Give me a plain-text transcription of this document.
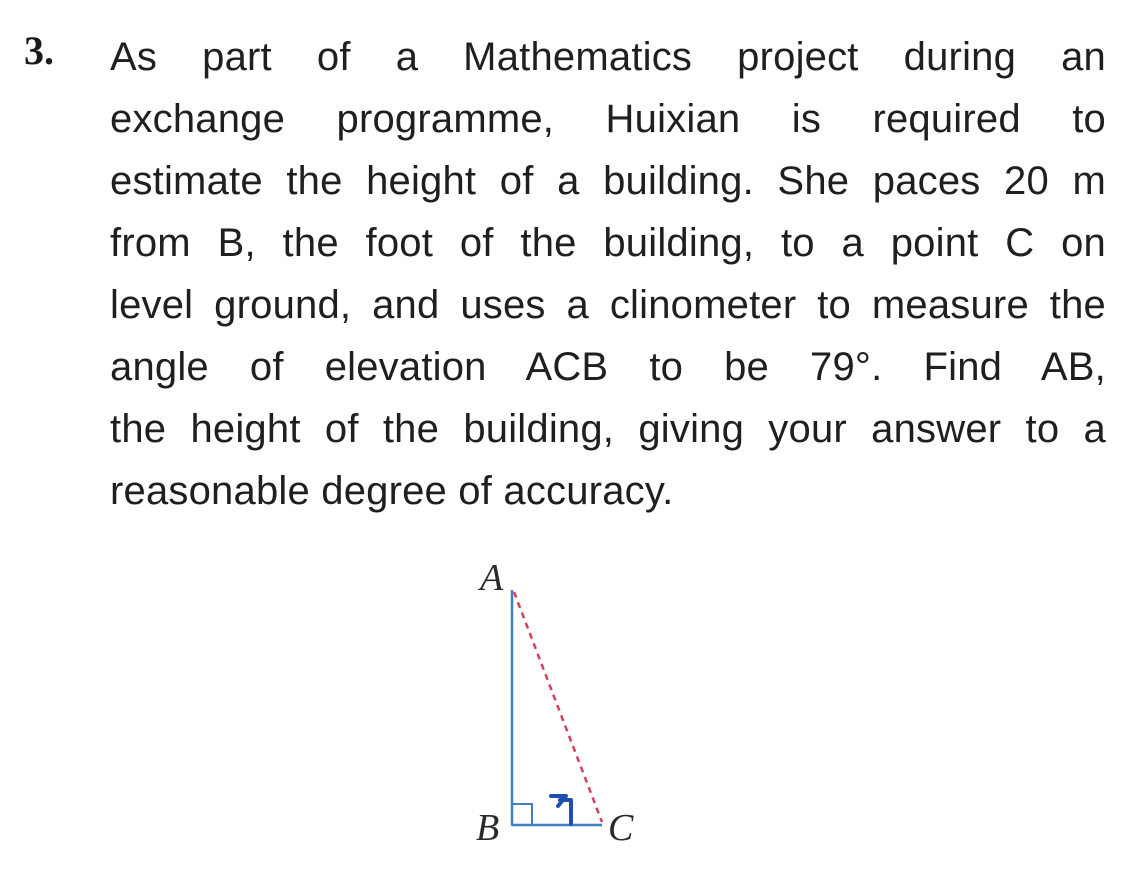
3. As part of a Mathematics project during an
exchange programme, Huixian is required to
estimate the height of a building. She paces 20 m
from B, the foot of the building, to a point C on
level ground, and uses a clinometer to measure the
angle of elevation ACB to be 79°. Find AB,
the height of the building, giving your answer to a
reasonable degree of accuracy.
A
B	C
